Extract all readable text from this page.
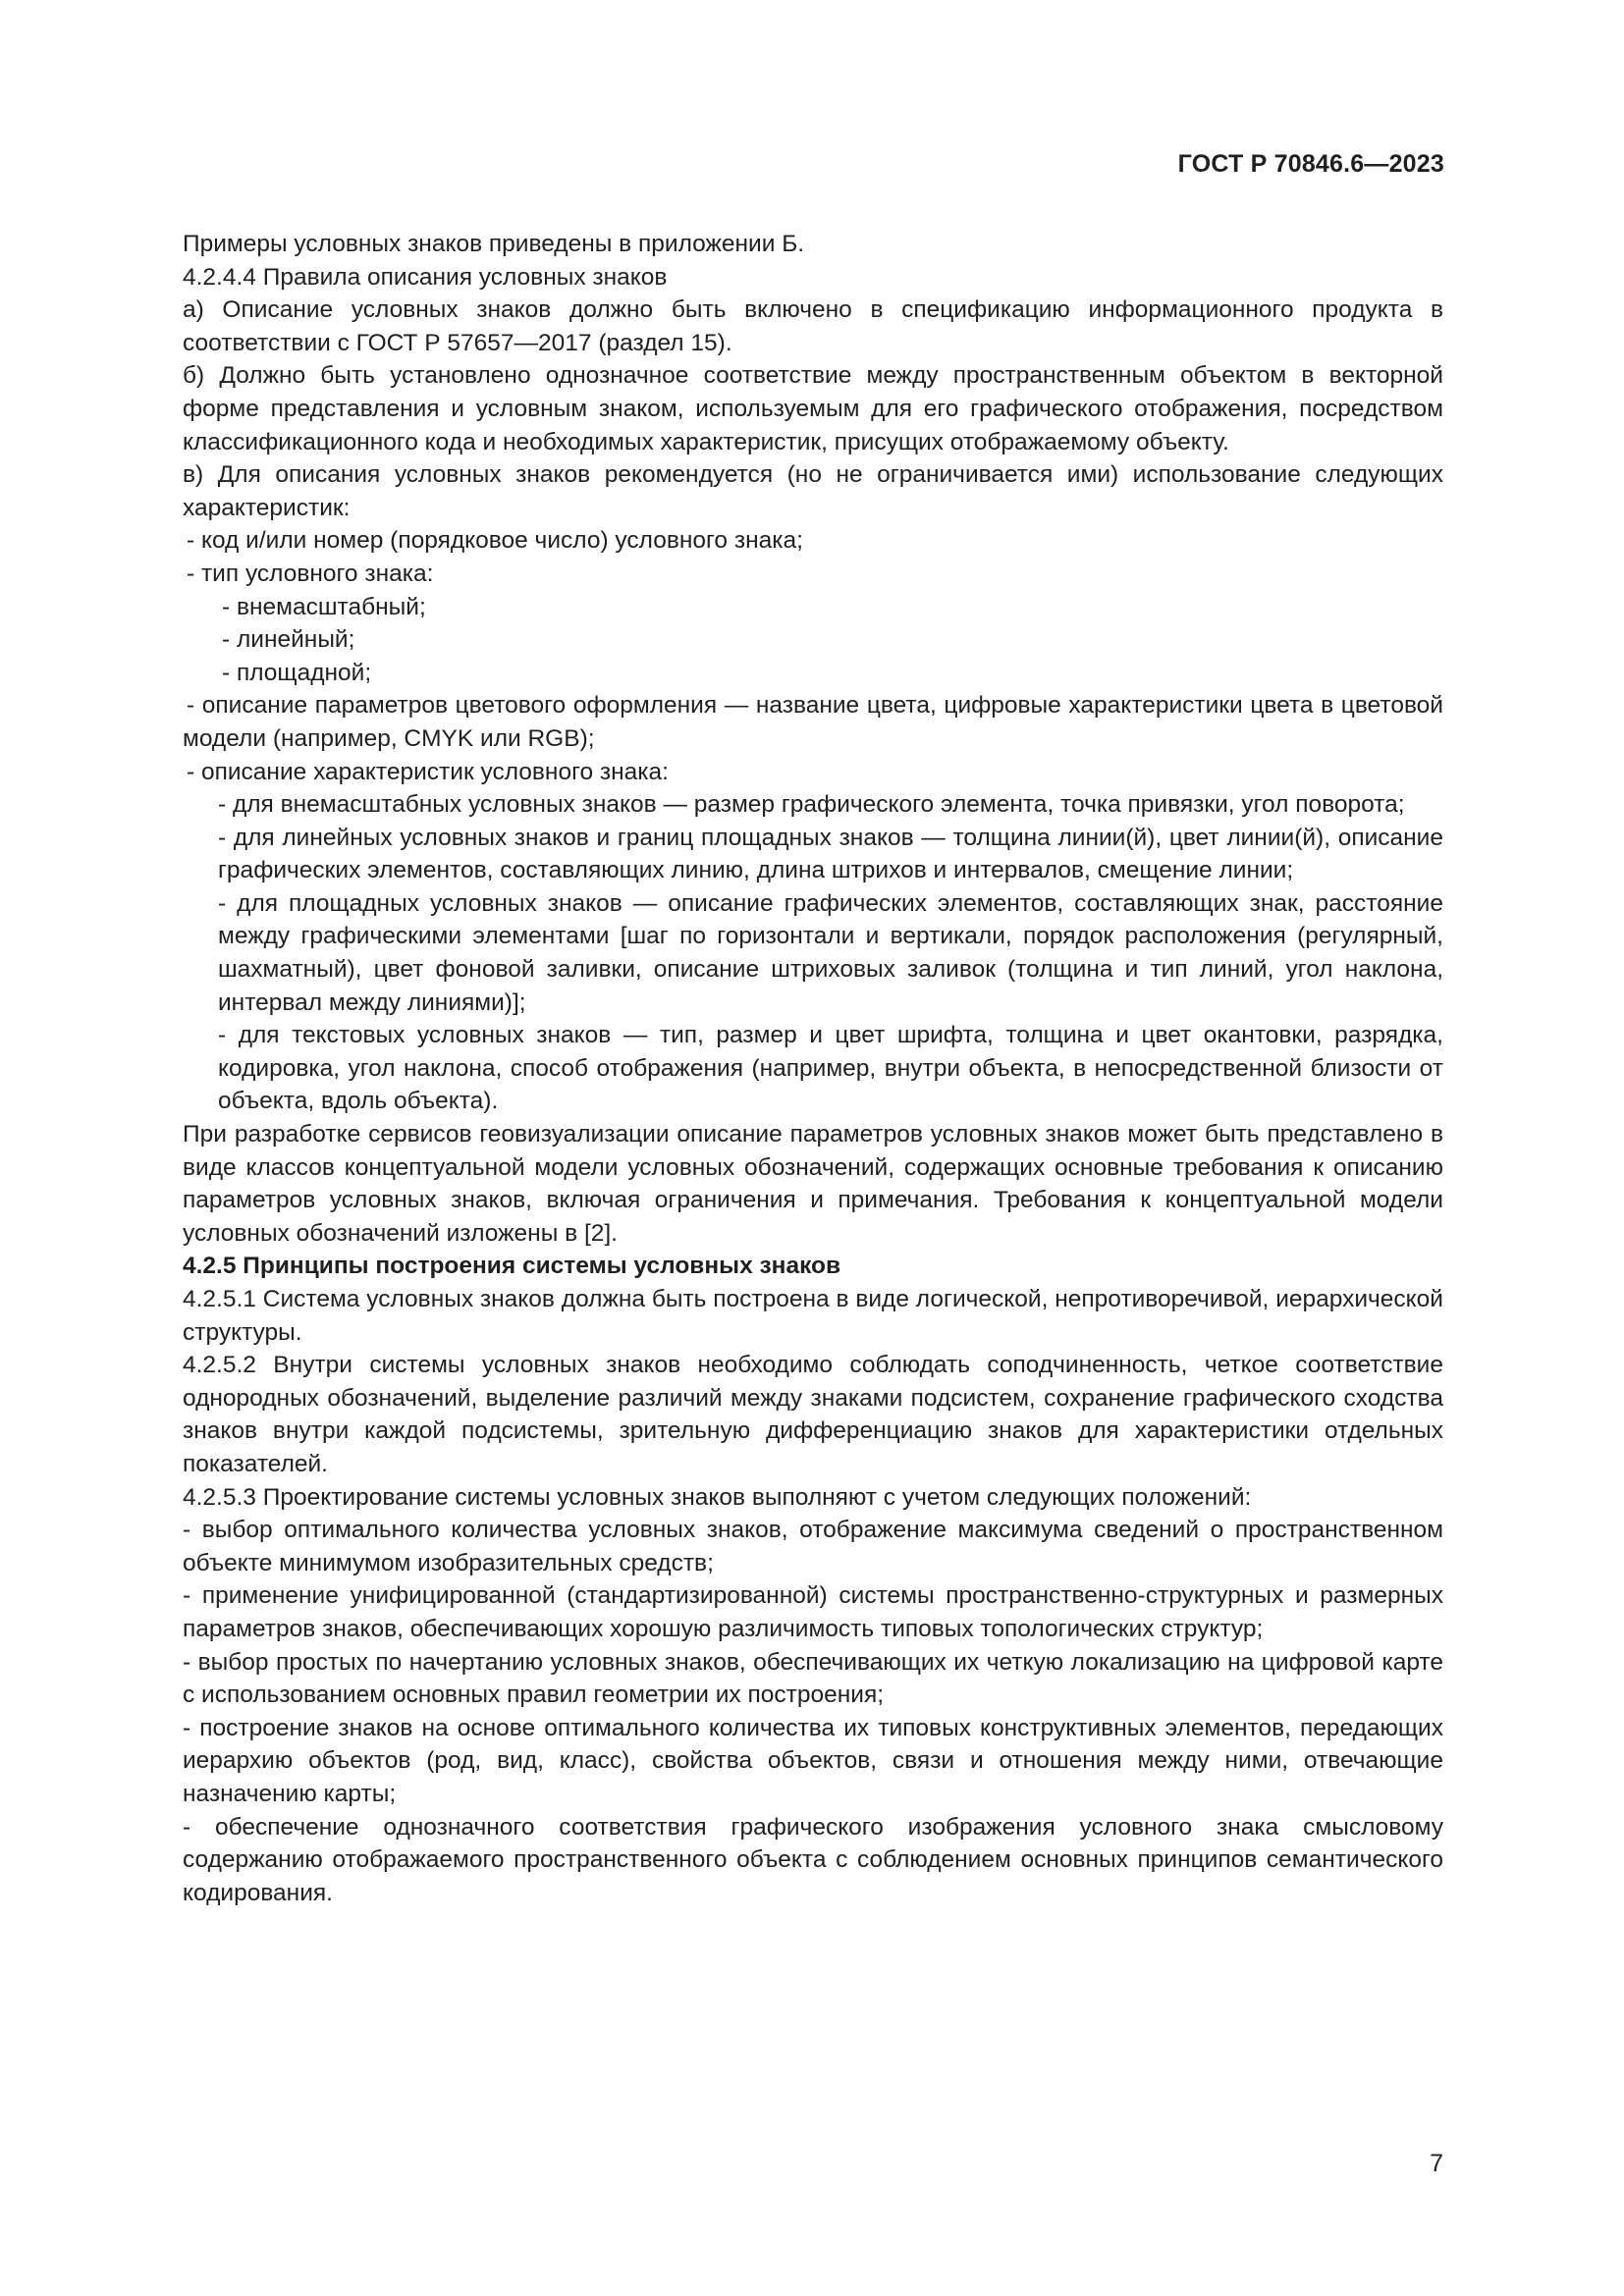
ГОСТ Р 70846.6—2023

Примеры условных знаков приведены в приложении Б.

4.2.4.4 Правила описания условных знаков

а) Описание условных знаков должно быть включено в спецификацию информационного продукта в соответствии с ГОСТ Р 57657—2017 (раздел 15).

б) Должно быть установлено однозначное соответствие между пространственным объектом в векторной форме представления и условным знаком, используемым для его графического отображения, посредством классификационного кода и необходимых характеристик, присущих отображаемому объекту.

в) Для описания условных знаков рекомендуется (но не ограничивается ими) использование следующих характеристик:

- код и/или номер (порядковое число) условного знака;

- тип условного знака:

- внемасштабный;

- линейный;

- площадной;

- описание параметров цветового оформления — название цвета, цифровые характеристики цвета в цветовой модели (например, CMYK или RGB);

- описание характеристик условного знака:

- для внемасштабных условных знаков — размер графического элемента, точка привязки, угол поворота;

- для линейных условных знаков и границ площадных знаков — толщина линии(й), цвет линии(й), описание графических элементов, составляющих линию, длина штрихов и интервалов, смещение линии;

- для площадных условных знаков — описание графических элементов, составляющих знак, расстояние между графическими элементами [шаг по горизонтали и вертикали, порядок расположения (регулярный, шахматный), цвет фоновой заливки, описание штриховых заливок (толщина и тип линий, угол наклона, интервал между линиями)];

- для текстовых условных знаков — тип, размер и цвет шрифта, толщина и цвет окантовки, разрядка, кодировка, угол наклона, способ отображения (например, внутри объекта, в непосредственной близости от объекта, вдоль объекта).

При разработке сервисов геовизуализации описание параметров условных знаков может быть представлено в виде классов концептуальной модели условных обозначений, содержащих основные требования к описанию параметров условных знаков, включая ограничения и примечания. Требования к концептуальной модели условных обозначений изложены в [2].

4.2.5 Принципы построения системы условных знаков

4.2.5.1 Система условных знаков должна быть построена в виде логической, непротиворечивой, иерархической структуры.

4.2.5.2 Внутри системы условных знаков необходимо соблюдать соподчиненность, четкое соответствие однородных обозначений, выделение различий между знаками подсистем, сохранение графического сходства знаков внутри каждой подсистемы, зрительную дифференциацию знаков для характеристики отдельных показателей.

4.2.5.3 Проектирование системы условных знаков выполняют с учетом следующих положений:

- выбор оптимального количества условных знаков, отображение максимума сведений о пространственном объекте минимумом изобразительных средств;

- применение унифицированной (стандартизированной) системы пространственно-структурных и размерных параметров знаков, обеспечивающих хорошую различимость типовых топологических структур;

- выбор простых по начертанию условных знаков, обеспечивающих их четкую локализацию на цифровой карте с использованием основных правил геометрии их построения;

- построение знаков на основе оптимального количества их типовых конструктивных элементов, передающих иерархию объектов (род, вид, класс), свойства объектов, связи и отношения между ними, отвечающие назначению карты;

- обеспечение однозначного соответствия графического изображения условного знака смысловому содержанию отображаемого пространственного объекта с соблюдением основных принципов семантического кодирования.

7
